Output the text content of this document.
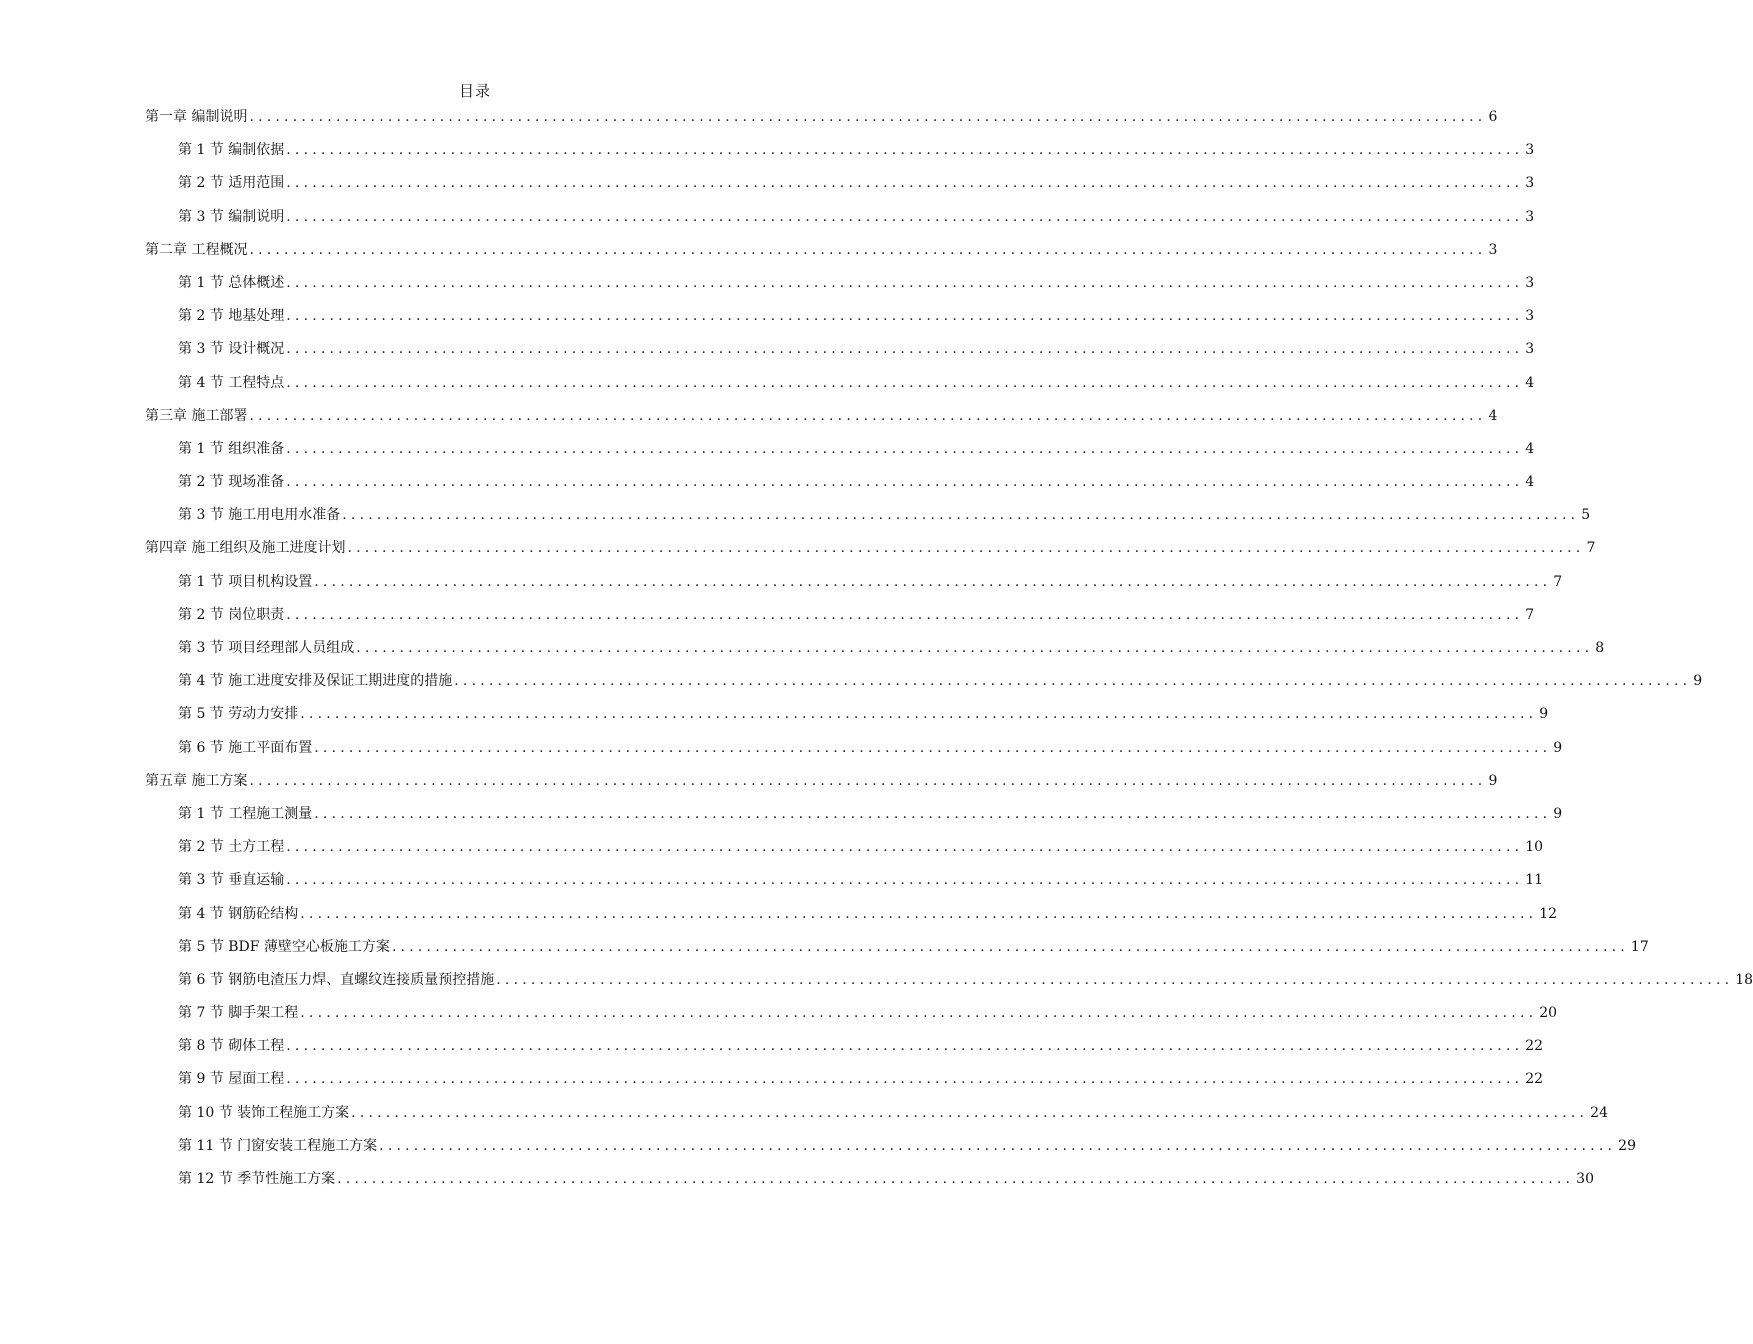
目录
第一章 编制说明 .....	6
第 1 节 编制依据 .....	3
第 2 节 适用范围 .....	3
第 3 节 编制说明 .....	3
第二章 工程概况 .....	3
第 1 节 总体概述 .....	3
第 2 节 地基处理 .....	3
第 3 节 设计概况 .....	3
第 4 节 工程特点 .....	4
第三章 施工部署 .....	4
第 1 节 组织准备 .....	4
第 2 节 现场准备 .....	4
第 3 节 施工用电用水准备 .....	5
第四章 施工组织及施工进度计划 .....	7
第 1 节 项目机构设置 .....	7
第 2 节 岗位职责 .....	7
第 3 节 项目经理部人员组成 .....	8
第 4 节 施工进度安排及保证工期进度的措施 .....	9
第 5 节 劳动力安排 .....	9
第 6 节 施工平面布置 .....	9
第五章 施工方案 .....	9
第 1 节 工程施工测量 .....	9
第 2 节 土方工程 .....	10
第 3 节 垂直运输 .....	11
第 4 节 钢筋砼结构 .....	12
第 5 节 BDF 薄壁空心板施工方案 .....	17
第 6 节 钢筋电渣压力焊、直螺纹连接质量预控措施 .....	18
第 7 节 脚手架工程 .....	20
第 8 节 砌体工程 .....	22
第 9 节 屋面工程 .....	22
第 10 节 装饰工程施工方案 .....	24
第 11 节 门窗安装工程施工方案 .....	29
第 12 节 季节性施工方案 .....	30
